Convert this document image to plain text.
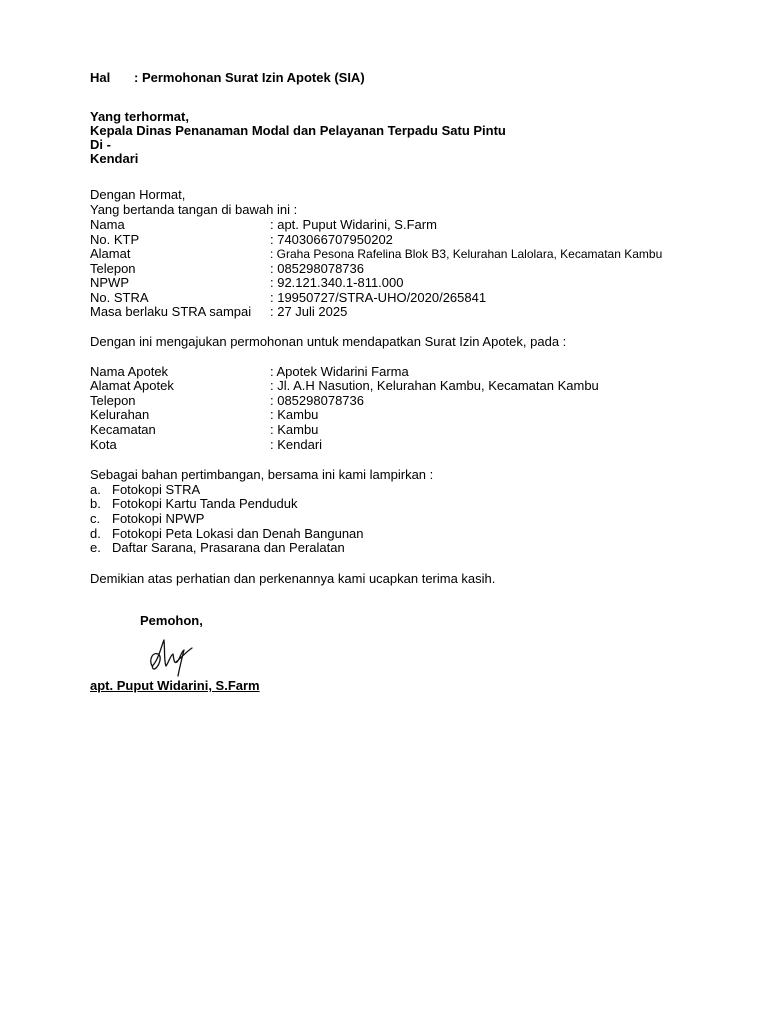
Hal : Permohonan Surat Izin Apotek (SIA)
Yang terhormat,
Kepala Dinas Penanaman Modal dan Pelayanan Terpadu Satu Pintu
Di -
Kendari
Dengan Hormat,
Yang bertanda tangan di bawah ini :
Nama	: apt. Puput Widarini, S.Farm
No. KTP	: 7403066707950202
Alamat	: Graha Pesona Rafelina Blok B3, Kelurahan Lalolara, Kecamatan Kambu
Telepon	: 085298078736
NPWP	: 92.121.340.1-811.000
No. STRA	: 19950727/STRA-UHO/2020/265841
Masa berlaku STRA sampai : 27 Juli 2025
Dengan ini mengajukan permohonan untuk mendapatkan Surat Izin Apotek, pada :
Nama Apotek	: Apotek Widarini Farma
Alamat Apotek	: Jl. A.H Nasution, Kelurahan Kambu, Kecamatan Kambu
Telepon	: 085298078736
Kelurahan	: Kambu
Kecamatan	: Kambu
Kota	: Kendari
Sebagai bahan pertimbangan, bersama ini kami lampirkan :
a. Fotokopi STRA
b. Fotokopi Kartu Tanda Penduduk
c. Fotokopi NPWP
d. Fotokopi Peta Lokasi dan Denah Bangunan
e. Daftar Sarana, Prasarana dan Peralatan
Demikian atas perhatian dan perkenannya kami ucapkan terima kasih.
Pemohon,
apt. Puput Widarini, S.Farm
